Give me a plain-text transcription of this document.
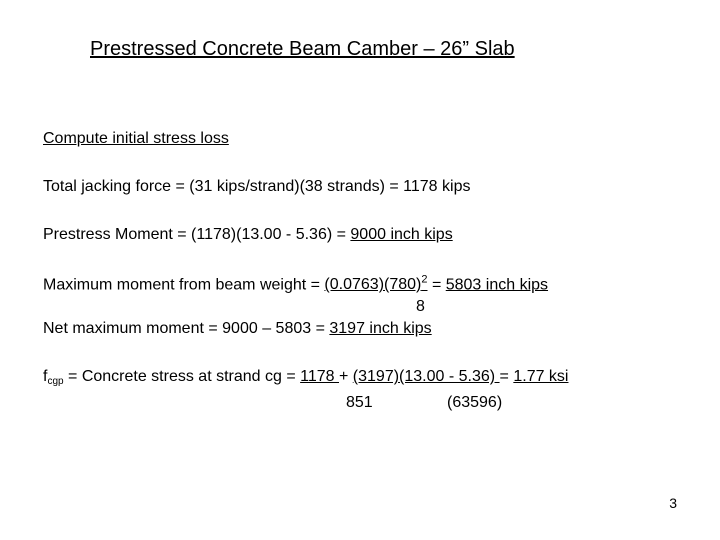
Prestressed Concrete Beam Camber – 26” Slab
Compute initial stress loss
Total jacking force = (31 kips/strand)(38 strands) = 1178 kips
Prestress Moment = (1178)(13.00 - 5.36) = 9000 inch kips
Maximum moment from beam weight = $(0.0763)(780)^2 = 5803$ inch kips
8
Net maximum moment = 9000 – 5803 = 3197 inch kips
$f_{cgp}$ = Concrete stress at strand cg = 1178 + (3197)(13.00 - 5.36) = 1.77 ksi
851	(63596)
3
